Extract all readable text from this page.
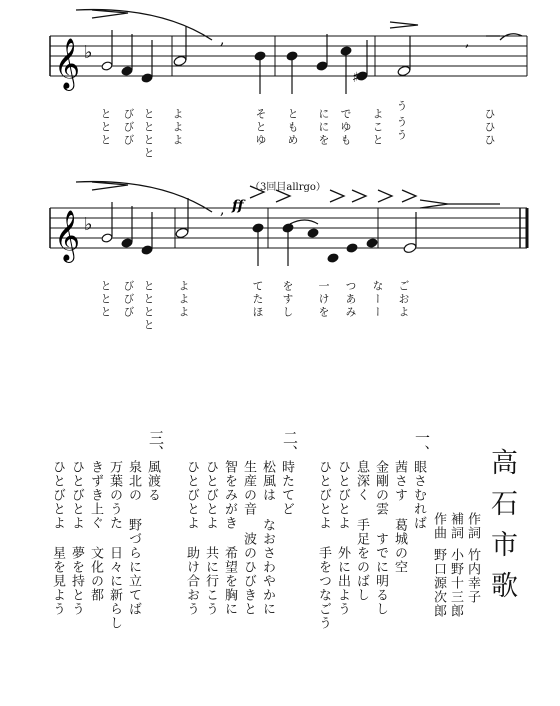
𝄞
𝄞
♭
♭
,	,
♯
, ff
ととと びびび とととと よよよ	そとゆ ともめ ににを でゆも よこと
う
うう	ひひひ
（3回目allrgo）
ととと びびび とととと よよよ	てたほ をすし 一けを つあみ なーー ごおよ
高石市歌
作詞
竹内幸子
補詞
小野十三郎
作曲
野口源次郎
一、
眼さむれば
茜さす 葛城の空
金剛の雲 すでに明るし
息深く 手足をのばし
ひとびとよ 外に出よう
ひとびとよ 手をつなごう
二、
時たてど
松風は なおさわやかに
生産の音 波のひびきと
智をみがき 希望を胸に
ひとびとよ 共に行こう
ひとびとよ 助け合おう
三、
風渡る
泉北の 野づらに立てば
万葉のうた 日々に新らし
きずき上ぐ 文化の都
ひとびとよ 夢を持とう
ひとびとよ 星を見よう
